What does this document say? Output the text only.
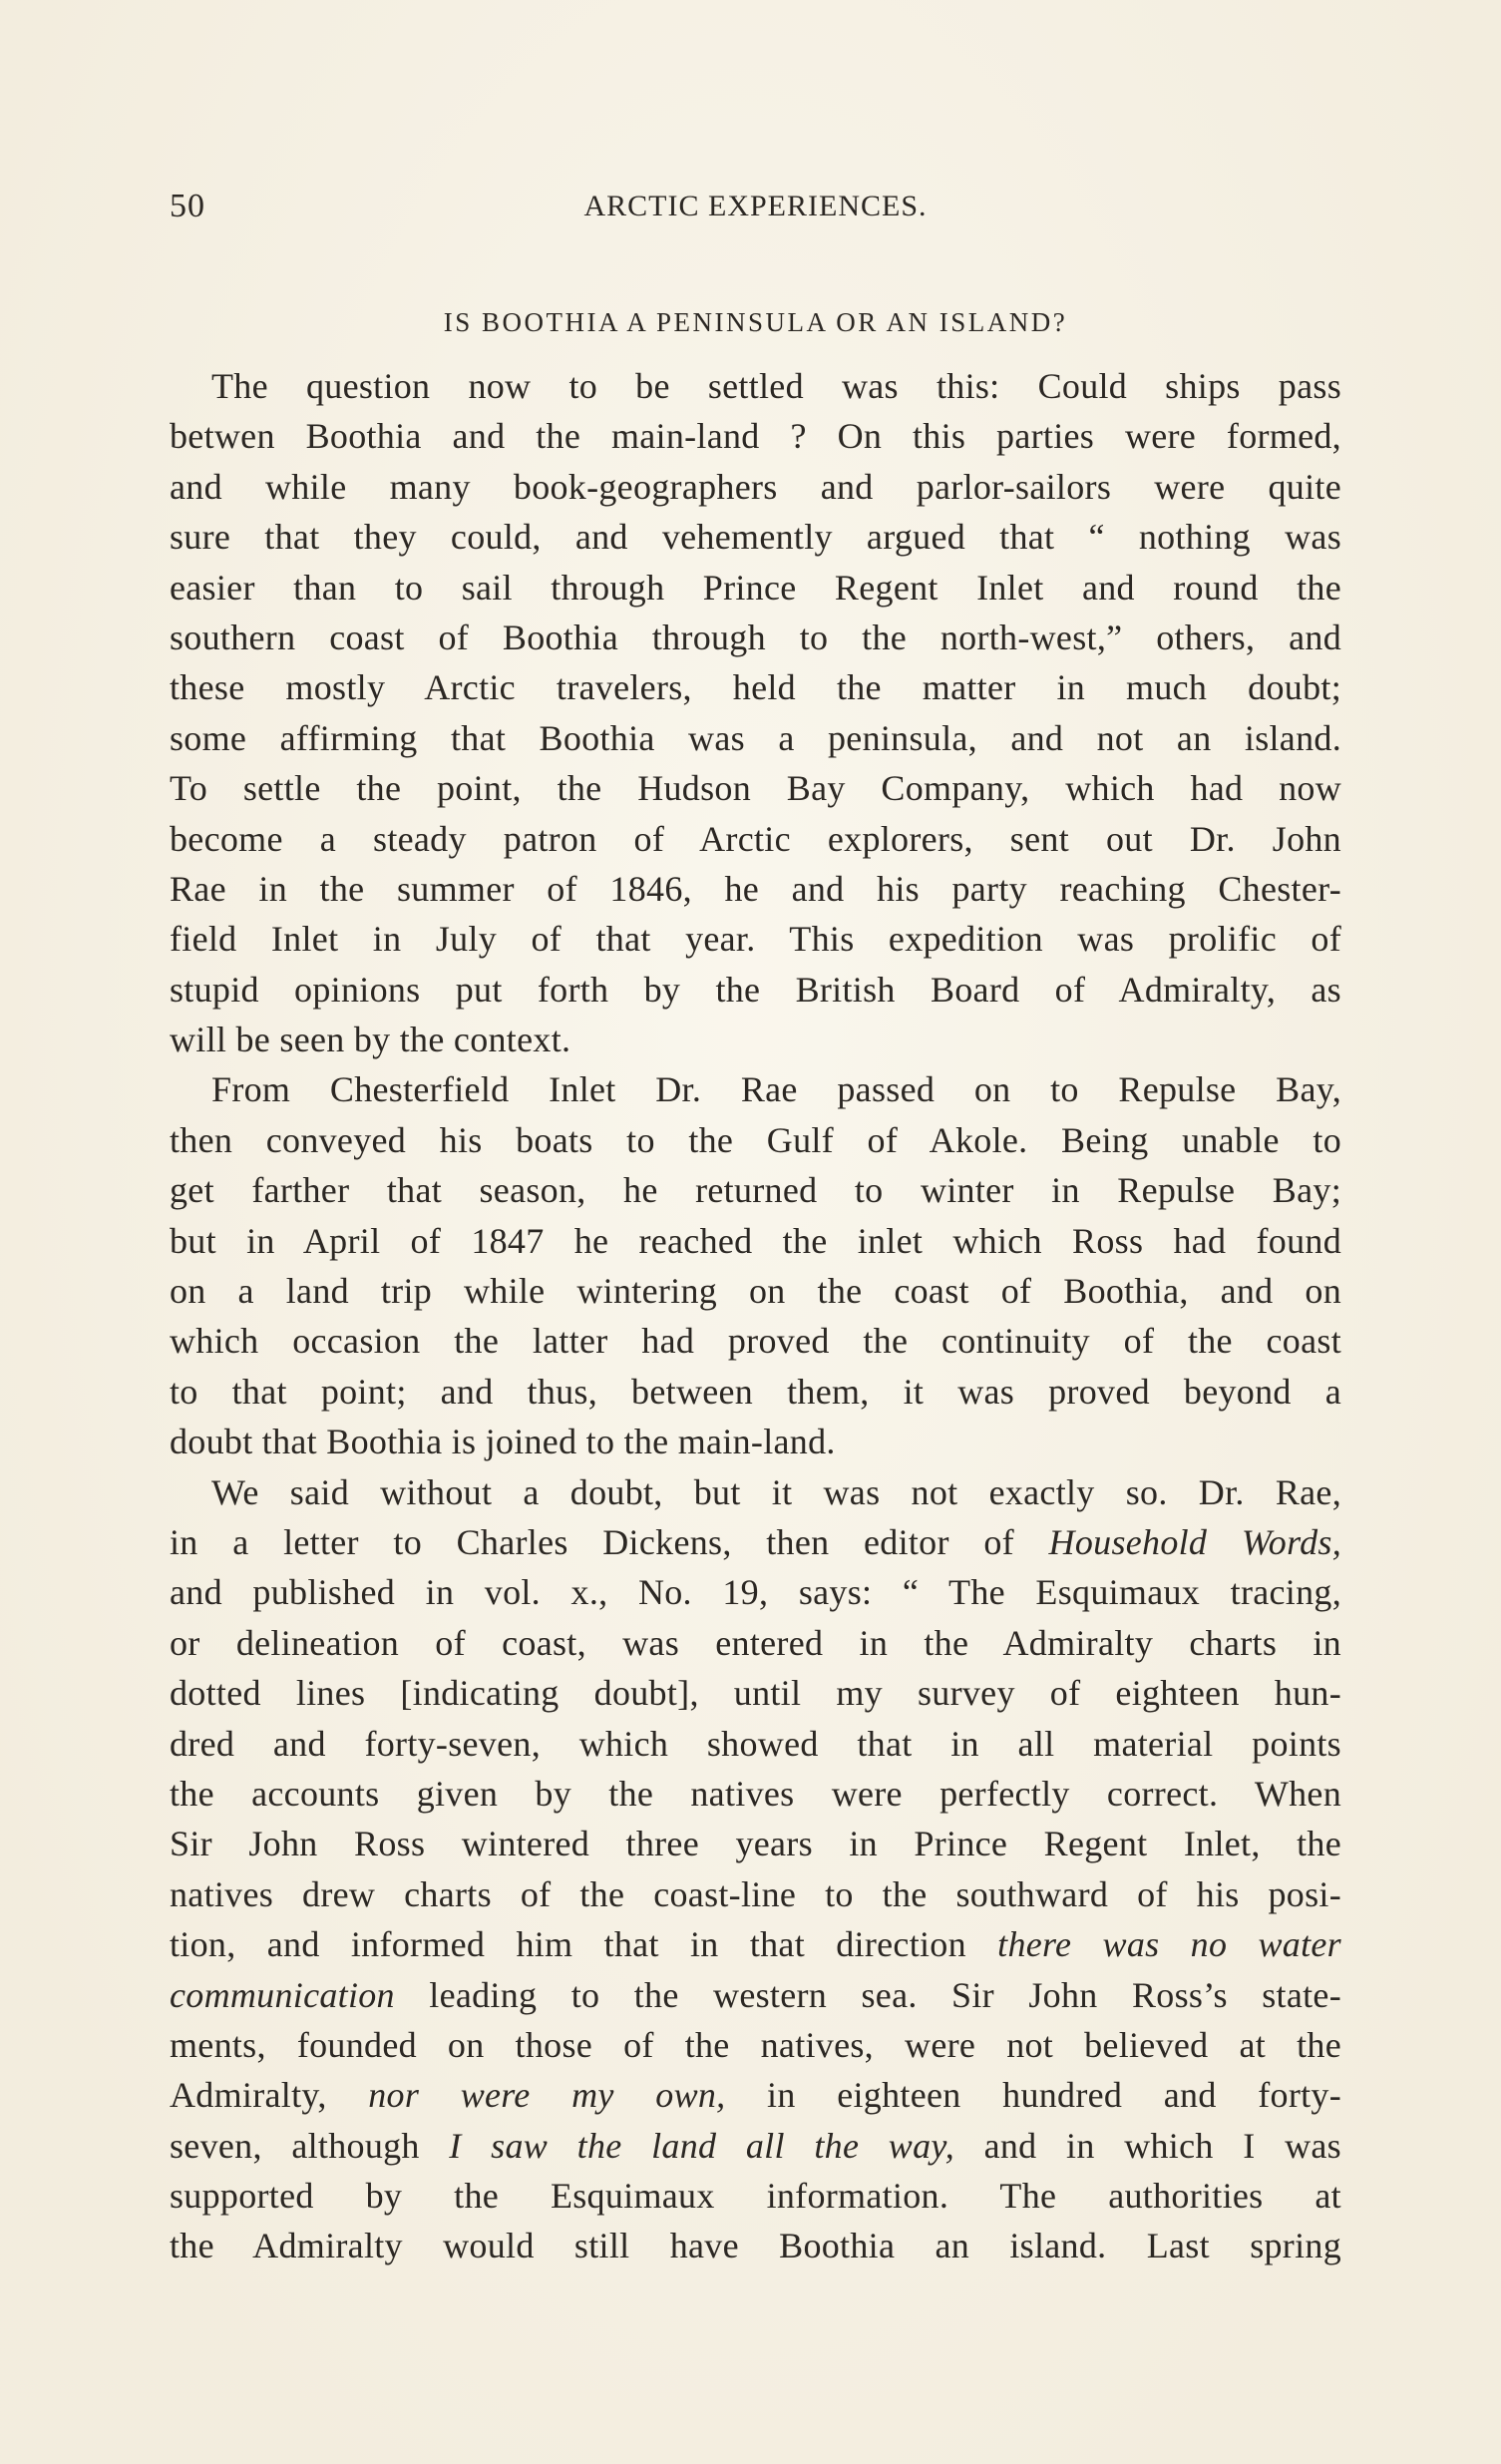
50	ARCTIC EXPERIENCES.
IS BOOTHIA A PENINSULA OR AN ISLAND?
The question now to be settled was this: Could ships pass
betwen Boothia and the main-land ? On this parties were formed,
and while many book-geographers and parlor-sailors were quite
sure that they could, and vehemently argued that “ nothing was
easier than to sail through Prince Regent Inlet and round the
southern coast of Boothia through to the north-west,” others, and
these mostly Arctic travelers, held the matter in much doubt;
some affirming that Boothia was a peninsula, and not an island.
To settle the point, the Hudson Bay Company, which had now
become a steady patron of Arctic explorers, sent out Dr. John
Rae in the summer of 1846, he and his party reaching Chester-
field Inlet in July of that year. This expedition was prolific of
stupid opinions put forth by the British Board of Admiralty, as
will be seen by the context.
From Chesterfield Inlet Dr. Rae passed on to Repulse Bay,
then conveyed his boats to the Gulf of Akole. Being unable to
get farther that season, he returned to winter in Repulse Bay;
but in April of 1847 he reached the inlet which Ross had found
on a land trip while wintering on the coast of Boothia, and on
which occasion the latter had proved the continuity of the coast
to that point; and thus, between them, it was proved beyond a
doubt that Boothia is joined to the main-land.
We said without a doubt, but it was not exactly so. Dr. Rae,
in a letter to Charles Dickens, then editor of Household Words,
and published in vol. x., No. 19, says: “ The Esquimaux tracing,
or delineation of coast, was entered in the Admiralty charts in
dotted lines [indicating doubt], until my survey of eighteen hun-
dred and forty-seven, which showed that in all material points
the accounts given by the natives were perfectly correct. When
Sir John Ross wintered three years in Prince Regent Inlet, the
natives drew charts of the coast-line to the southward of his posi-
tion, and informed him that in that direction there was no water
communication leading to the western sea. Sir John Ross’s state-
ments, founded on those of the natives, were not believed at the
Admiralty, nor were my own, in eighteen hundred and forty-
seven, although I saw the land all the way, and in which I was
supported by the Esquimaux information. The authorities at
the Admiralty would still have Boothia an island. Last spring
